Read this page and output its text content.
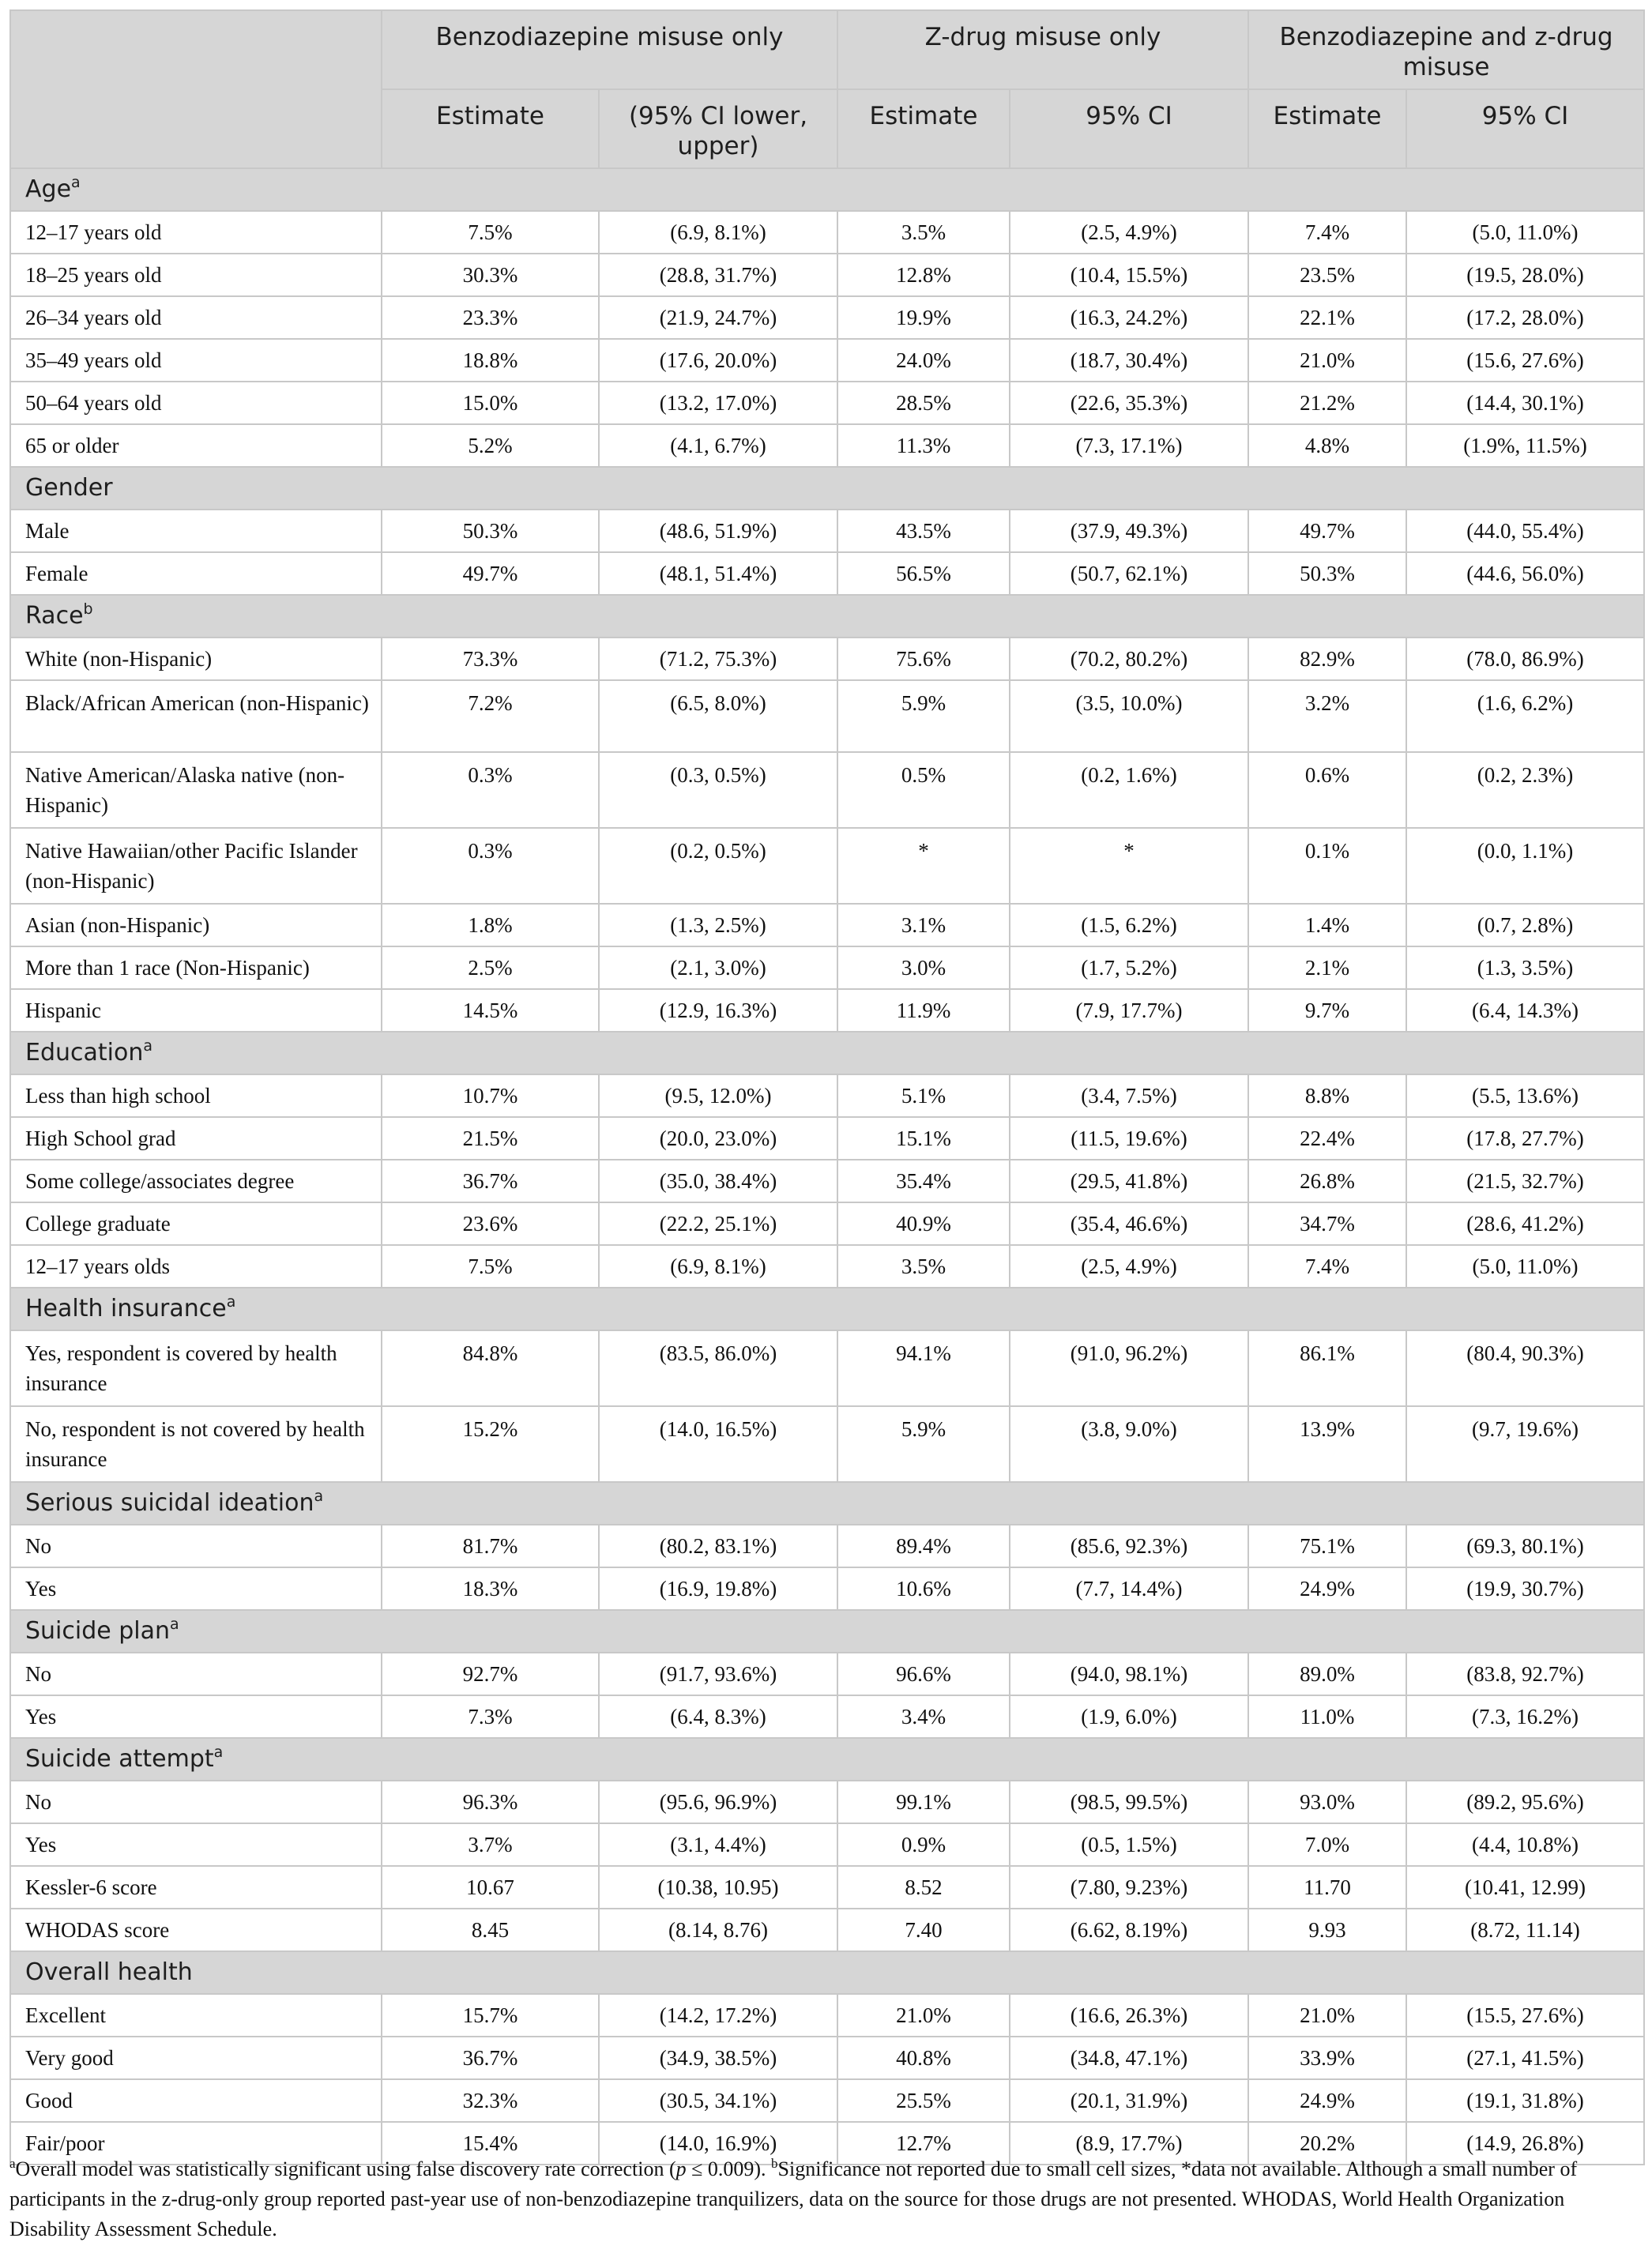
	Benzodiazepine misuse only		Z-drug misuse only		Benzodiazepine and z-drug misuse	
	Estimate	(95% CI lower, upper)	Estimate	95% CI	Estimate	95% CI
Age$^a$
12–17 years old	7.5%	(6.9, 8.1%)	3.5%	(2.5, 4.9%)	7.4%	(5.0, 11.0%)
18–25 years old	30.3%	(28.8, 31.7%)	12.8%	(10.4, 15.5%)	23.5%	(19.5, 28.0%)
26–34 years old	23.3%	(21.9, 24.7%)	19.9%	(16.3, 24.2%)	22.1%	(17.2, 28.0%)
35–49 years old	18.8%	(17.6, 20.0%)	24.0%	(18.7, 30.4%)	21.0%	(15.6, 27.6%)
50–64 years old	15.0%	(13.2, 17.0%)	28.5%	(22.6, 35.3%)	21.2%	(14.4, 30.1%)
65 or older	5.2%	(4.1, 6.7%)	11.3%	(7.3, 17.1%)	4.8%	(1.9%, 11.5%)
Gender						
Male	50.3%	(48.6, 51.9%)	43.5%	(37.9, 49.3%)	49.7%	(44.0, 55.4%)
Female	49.7%	(48.1, 51.4%)	56.5%	(50.7, 62.1%)	50.3%	(44.6, 56.0%)
Race$^b$
White (non-Hispanic)	73.3%	(71.2, 75.3%)	75.6%	(70.2, 80.2%)	82.9%	(78.0, 86.9%)
Black/African American (non-Hispanic)	7.2%	(6.5, 8.0%)	5.9%	(3.5, 10.0%)	3.2%	(1.6, 6.2%)
Native American/Alaska native (non-Hispanic)	0.3%	(0.3, 0.5%)	0.5%	(0.2, 1.6%)	0.6%	(0.2, 2.3%)
Native Hawaiian/other Pacific Islander (non-Hispanic)	0.3%	(0.2, 0.5%)	*	*	0.1%	(0.0, 1.1%)
Asian (non-Hispanic)	1.8%	(1.3, 2.5%)	3.1%	(1.5, 6.2%)	1.4%	(0.7, 2.8%)
More than 1 race (Non-Hispanic)	2.5%	(2.1, 3.0%)	3.0%	(1.7, 5.2%)	2.1%	(1.3, 3.5%)
Hispanic	14.5%	(12.9, 16.3%)	11.9%	(7.9, 17.7%)	9.7%	(6.4, 14.3%)
Education$^a$
Less than high school	10.7%	(9.5, 12.0%)	5.1%	(3.4, 7.5%)	8.8%	(5.5, 13.6%)
High School grad	21.5%	(20.0, 23.0%)	15.1%	(11.5, 19.6%)	22.4%	(17.8, 27.7%)
Some college/associates degree	36.7%	(35.0, 38.4%)	35.4%	(29.5, 41.8%)	26.8%	(21.5, 32.7%)
College graduate	23.6%	(22.2, 25.1%)	40.9%	(35.4, 46.6%)	34.7%	(28.6, 41.2%)
12–17 years olds	7.5%	(6.9, 8.1%)	3.5%	(2.5, 4.9%)	7.4%	(5.0, 11.0%)
Health insurance$^a$
Yes, respondent is covered by health insurance	84.8%	(83.5, 86.0%)	94.1%	(91.0, 96.2%)	86.1%	(80.4, 90.3%)
No, respondent is not covered by health insurance	15.2%	(14.0, 16.5%)	5.9%	(3.8, 9.0%)	13.9%	(9.7, 19.6%)
Serious suicidal ideation$^a$
No	81.7%	(80.2, 83.1%)	89.4%	(85.6, 92.3%)	75.1%	(69.3, 80.1%)
Yes	18.3%	(16.9, 19.8%)	10.6%	(7.7, 14.4%)	24.9%	(19.9, 30.7%)
Suicide plan$^a$
No	92.7%	(91.7, 93.6%)	96.6%	(94.0, 98.1%)	89.0%	(83.8, 92.7%)
Yes	7.3%	(6.4, 8.3%)	3.4%	(1.9, 6.0%)	11.0%	(7.3, 16.2%)
Suicide attempt$^a$
No	96.3%	(95.6, 96.9%)	99.1%	(98.5, 99.5%)	93.0%	(89.2, 95.6%)
Yes	3.7%	(3.1, 4.4%)	0.9%	(0.5, 1.5%)	7.0%	(4.4, 10.8%)
Kessler-6 score	10.67	(10.38, 10.95)	8.52	(7.80, 9.23%)	11.70	(10.41, 12.99)
WHODAS score	8.45	(8.14, 8.76)	7.40	(6.62, 8.19%)	9.93	(8.72, 11.14)
Overall health						
Excellent	15.7%	(14.2, 17.2%)	21.0%	(16.6, 26.3%)	21.0%	(15.5, 27.6%)
Very good	36.7%	(34.9, 38.5%)	40.8%	(34.8, 47.1%)	33.9%	(27.1, 41.5%)
Good	32.3%	(30.5, 34.1%)	25.5%	(20.1, 31.9%)	24.9%	(19.1, 31.8%)
Fair/poor	15.4%	(14.0, 16.9%)	12.7%	(8.9, 17.7%)	20.2%	(14.9, 26.8%)
$^a$Overall model was statistically significant using false discovery rate correction (p ≤ 0.009). $^b$Significance not reported due to small cell sizes, *data not available. Although a small number of participants in the z-drug-only group reported past-year use of non-benzodiazepine tranquilizers, data on the source for those drugs are not presented. WHODAS, World Health Organization Disability Assessment Schedule.
